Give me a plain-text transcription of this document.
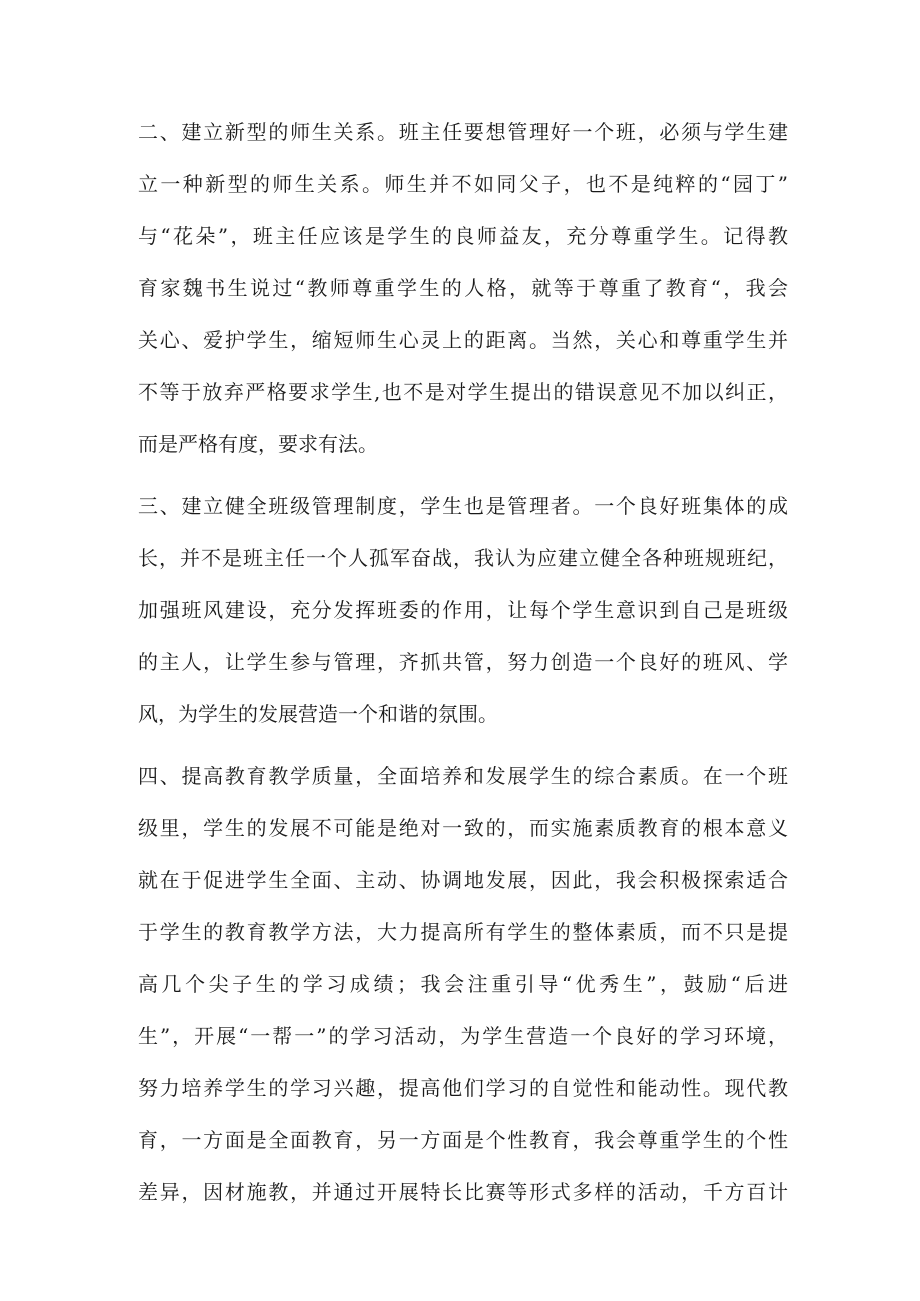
二、建立新型的师生关系。班主任要想管理好一个班，必须与学生建
立一种新型的师生关系。师生并不如同父子，也不是纯粹的“园丁”
与“花朵”，班主任应该是学生的良师益友，充分尊重学生。记得教
育家魏书生说过“教师尊重学生的人格，就等于尊重了教育“，我会
关心、爱护学生，缩短师生心灵上的距离。当然，关心和尊重学生并
不等于放弃严格要求学生,也不是对学生提出的错误意见不加以纠正，
而是严格有度，要求有法。
三、建立健全班级管理制度，学生也是管理者。一个良好班集体的成
长，并不是班主任一个人孤军奋战，我认为应建立健全各种班规班纪，
加强班风建设，充分发挥班委的作用，让每个学生意识到自己是班级
的主人，让学生参与管理，齐抓共管，努力创造一个良好的班风、学
风，为学生的发展营造一个和谐的氛围。
四、提高教育教学质量，全面培养和发展学生的综合素质。在一个班
级里，学生的发展不可能是绝对一致的，而实施素质教育的根本意义
就在于促进学生全面、主动、协调地发展，因此，我会积极探索适合
于学生的教育教学方法，大力提高所有学生的整体素质，而不只是提
高几个尖子生的学习成绩；我会注重引导“优秀生”，鼓励“后进
生”，开展“一帮一”的学习活动，为学生营造一个良好的学习环境，
努力培养学生的学习兴趣，提高他们学习的自觉性和能动性。现代教
育，一方面是全面教育，另一方面是个性教育，我会尊重学生的个性
差异，因材施教，并通过开展特长比赛等形式多样的活动，千方百计
